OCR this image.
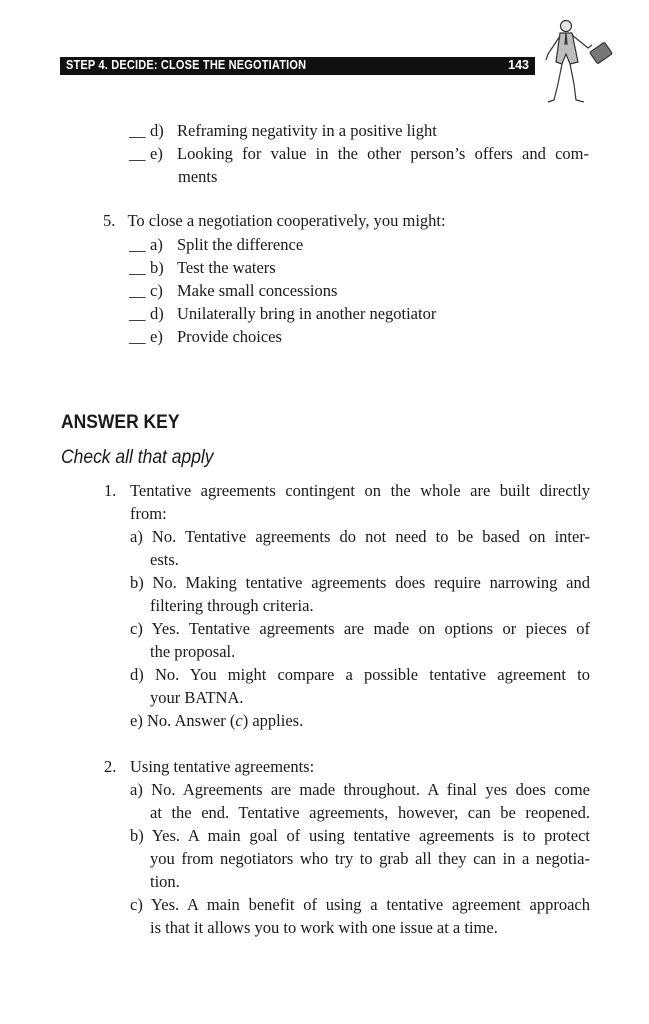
STEP 4. DECIDE: CLOSE THE NEGOTIATION	143
__ d) Reframing negativity in a positive light
__ e) Looking for value in the other person’s offers and com-
ments
5. To close a negotiation cooperatively, you might:
__ a) Split the difference
__ b) Test the waters
__ c) Make small concessions
__ d) Unilaterally bring in another negotiator
__ e) Provide choices
ANSWER KEY
Check all that apply
1. Tentative agreements contingent on the whole are built directly
from:
a) No. Tentative agreements do not need to be based on inter-
ests.
b) No. Making tentative agreements does require narrowing and
filtering through criteria.
c) Yes. Tentative agreements are made on options or pieces of
the proposal.
d) No. You might compare a possible tentative agreement to
your BATNA.
e) No. Answer (c) applies.
2. Using tentative agreements:
a) No. Agreements are made throughout. A final yes does come
at the end. Tentative agreements, however, can be reopened.
b) Yes. A main goal of using tentative agreements is to protect
you from negotiators who try to grab all they can in a negotia-
tion.
c) Yes. A main benefit of using a tentative agreement approach
is that it allows you to work with one issue at a time.
